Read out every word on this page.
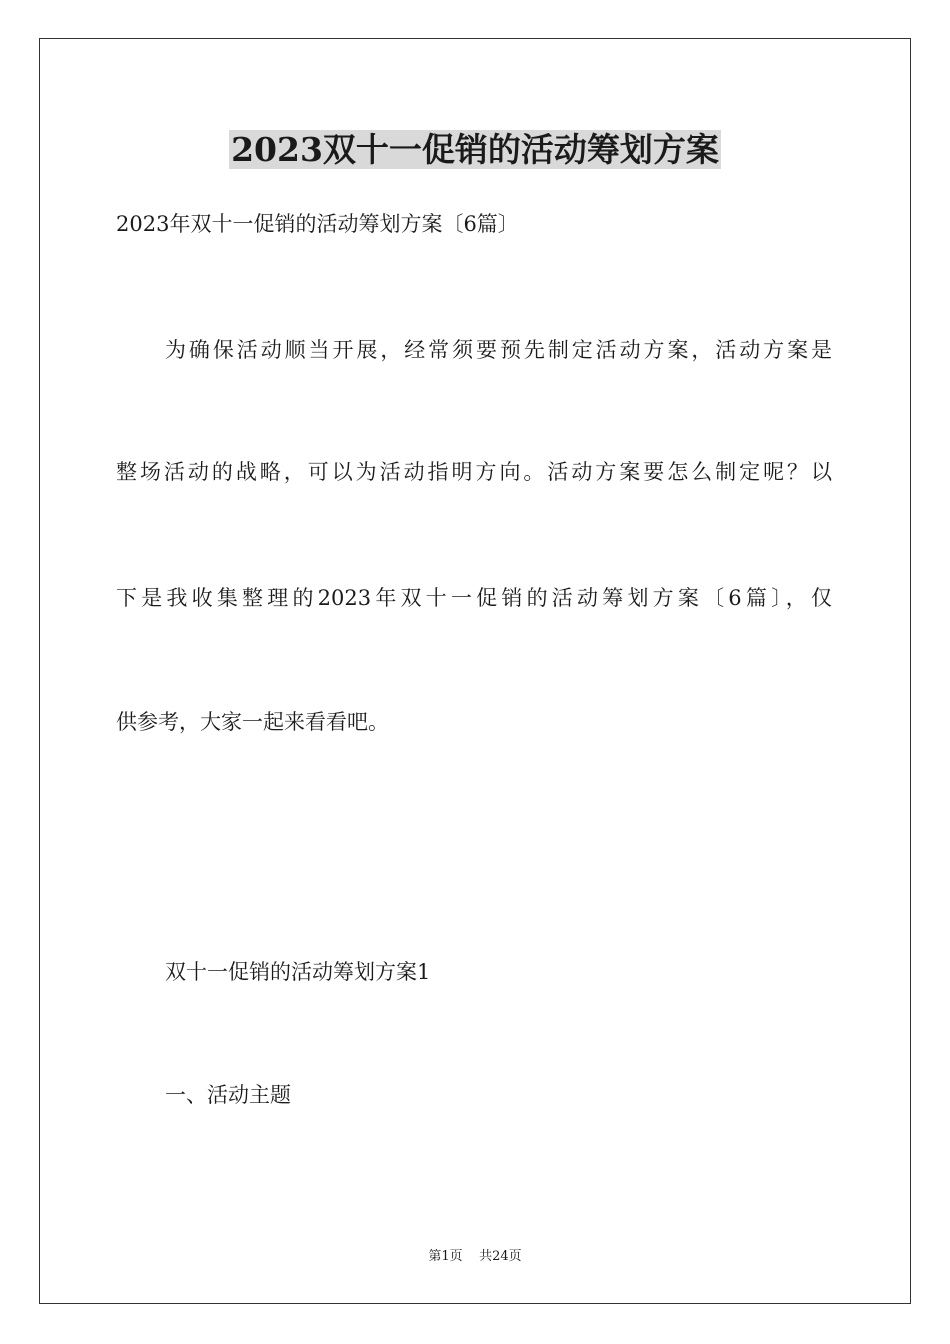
2023双十一促销的活动筹划方案
2023年双十一促销的活动筹划方案〔6篇〕
为确保活动顺当开展，经常须要预先制定活动方案，活动方案是
整场活动的战略，可以为活动指明方向。活动方案要怎么制定呢？以
下是我收集整理的2023年双十一促销的活动筹划方案〔6篇〕，仅
供参考，大家一起来看看吧。
双十一促销的活动筹划方案1
一、活动主题
第1页    共24页
